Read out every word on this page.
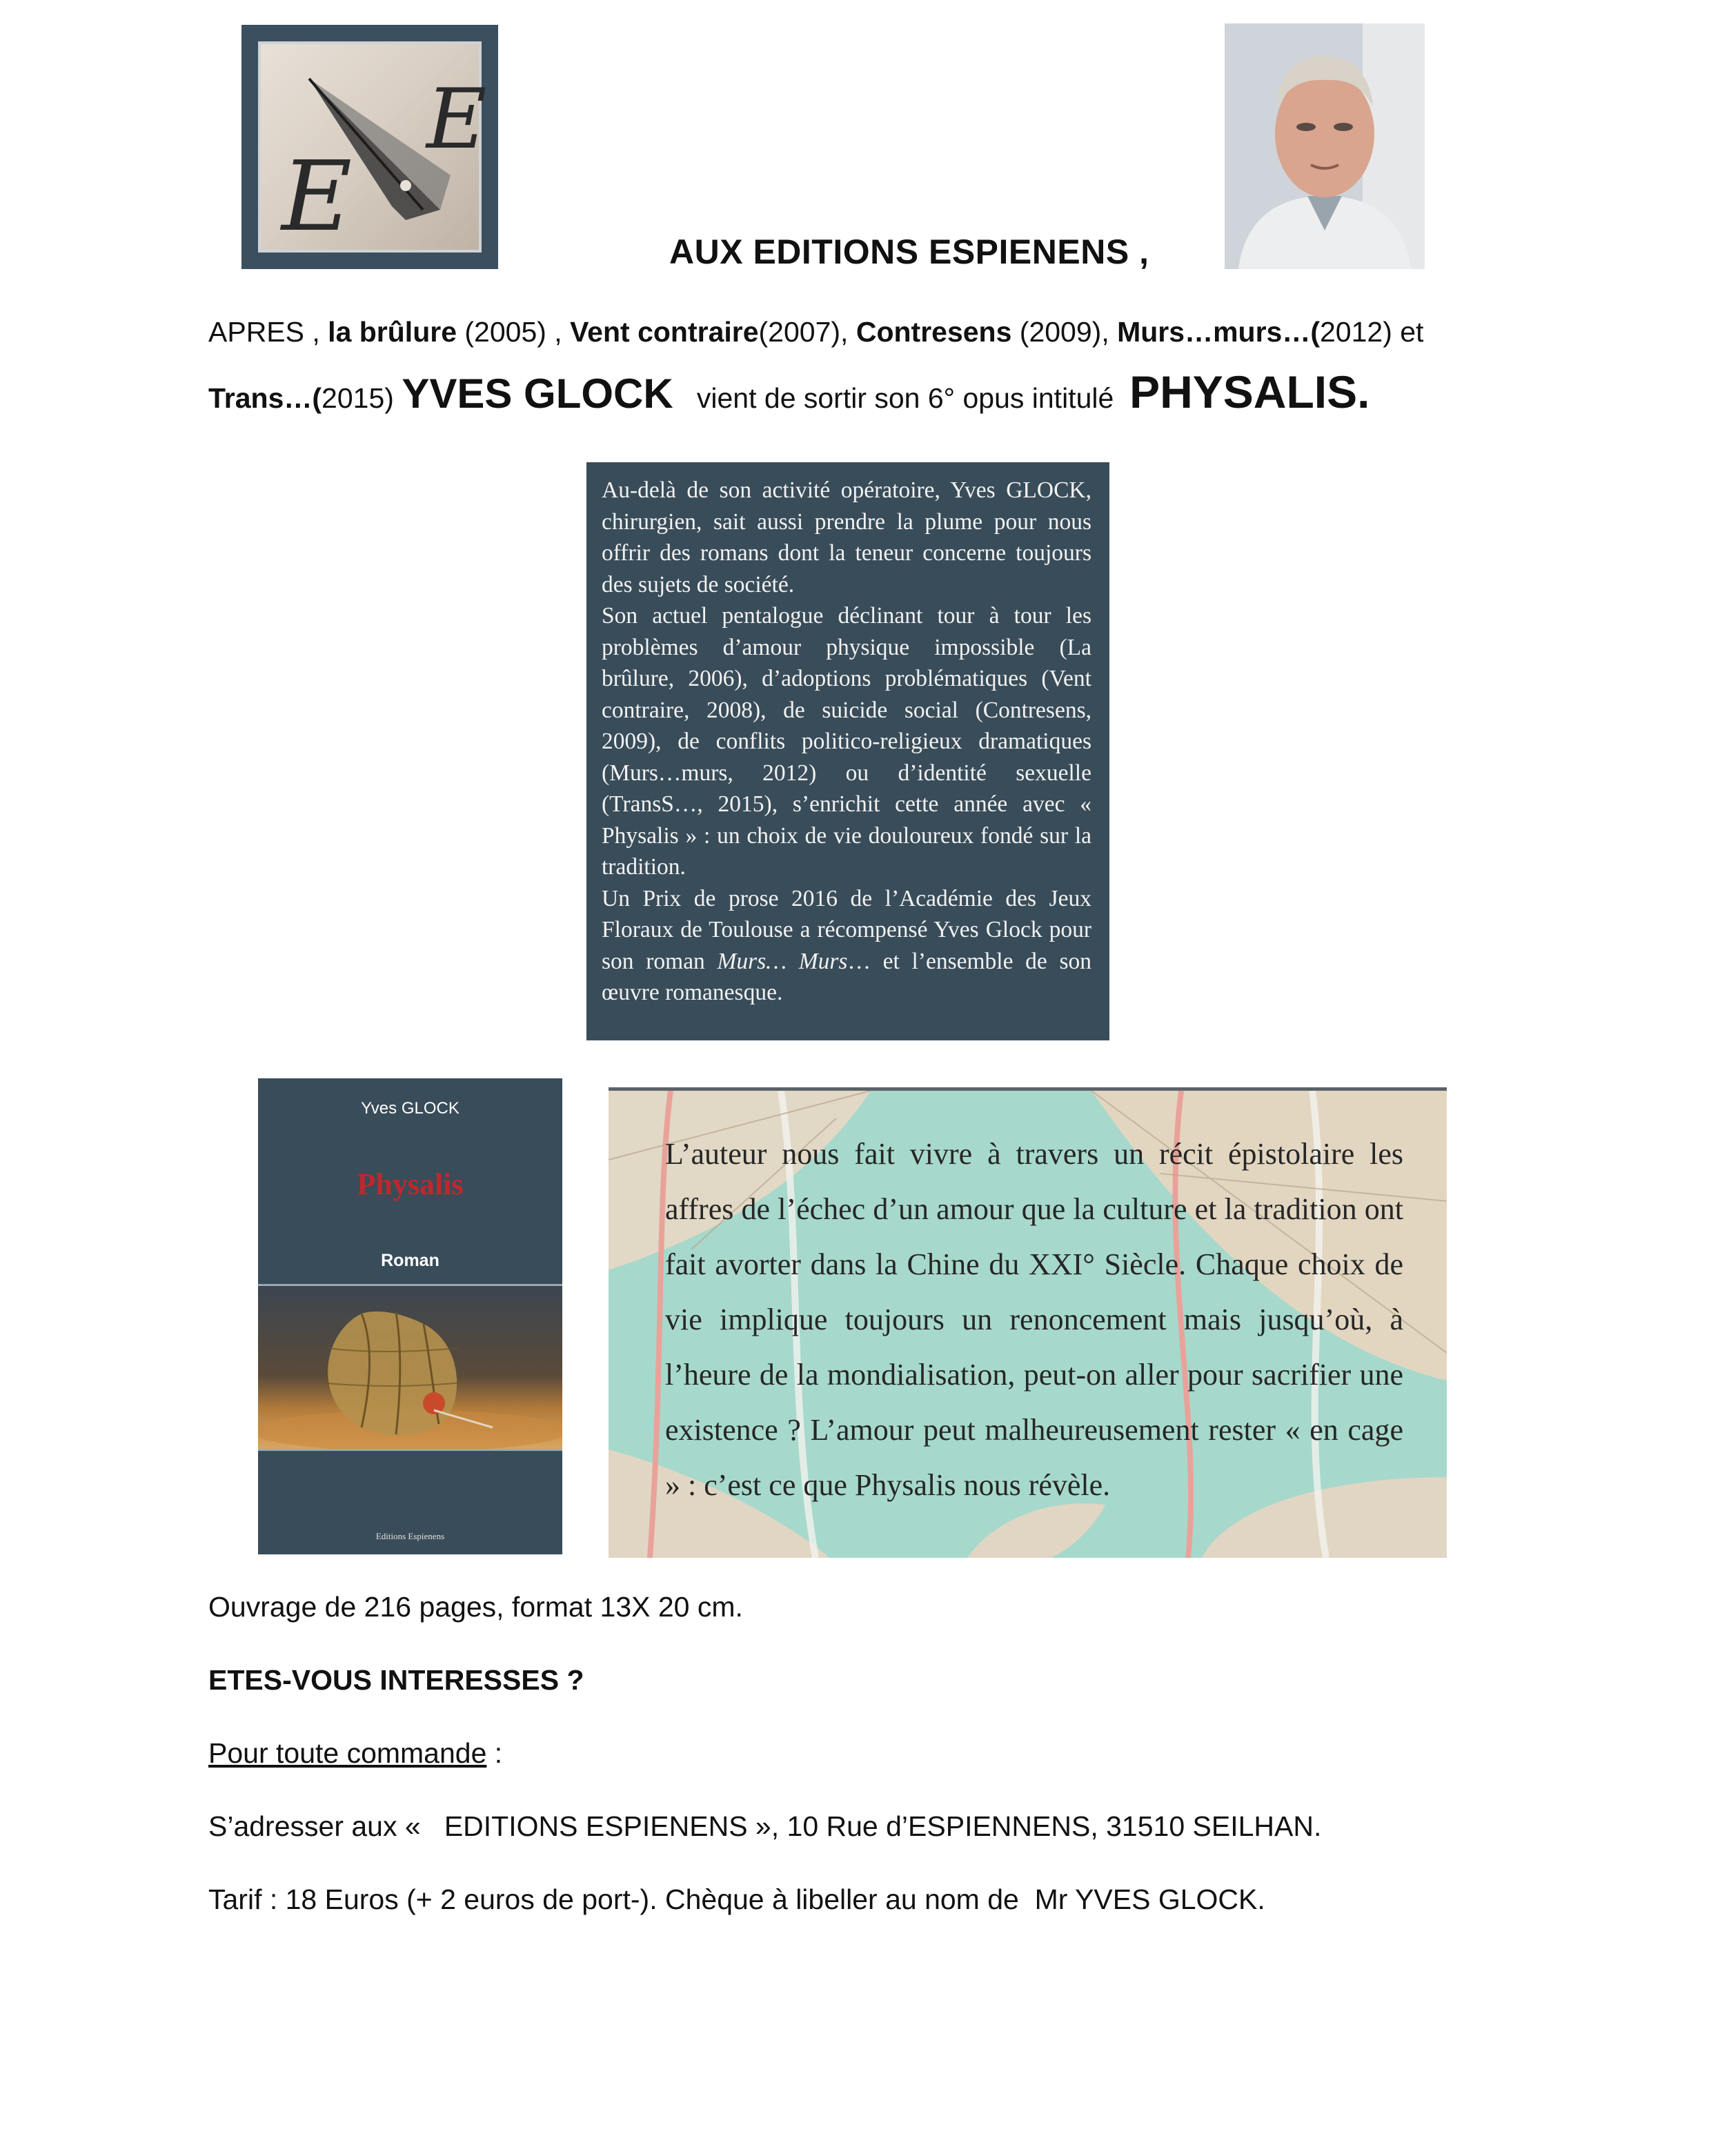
E
E	AUX EDITIONS ESPIENENS ,
APRES , la brûlure (2005) , Vent contraire(2007), Contresens (2009), Murs…murs…(2012) et
Trans…(2015) YVES GLOCK   vient de sortir son 6° opus intitulé  PHYSALIS.

Au-delà de son activité opératoire, Yves GLOCK, chirurgien, sait aussi prendre la plume pour nous offrir des romans dont la teneur concerne toujours des sujets de société.

Son actuel pentalogue déclinant tour à tour les problèmes d’amour physique impossible (La brûlure, 2006), d’adoptions problématiques (Vent contraire, 2008), de suicide social (Contresens, 2009), de conflits politico-religieux dramatiques (Murs…murs, 2012) ou d’identité sexuelle (TransS…, 2015), s’enrichit cette année avec « Physalis » : un choix de vie douloureux fondé sur la tradition.

Un Prix de prose 2016 de l’Académie des Jeux Floraux de Toulouse a récompensé Yves Glock pour son roman Murs… Murs… et l’ensemble de son œuvre romanesque.

Yves GLOCK
Physalis
Roman
Editions Espienens
L’auteur nous fait vivre à travers un récit épistolaire les affres de l’échec d’un amour que la culture et la tradition ont fait avorter dans la Chine du XXI° Siècle. Chaque choix de vie implique toujours un renoncement mais jusqu’où, à l’heure de la mondialisation, peut-on aller pour sacrifier une existence ? L’amour peut malheureusement rester « en cage » : c’est ce que Physalis nous révèle.
Ouvrage de 216 pages, format 13X 20 cm.
ETES-VOUS INTERESSES ?
Pour toute commande :
S’adresser aux «   EDITIONS ESPIENENS », 10 Rue d’ESPIENNENS, 31510 SEILHAN.
Tarif : 18 Euros (+ 2 euros de port-). Chèque à libeller au nom de  Mr YVES GLOCK.
